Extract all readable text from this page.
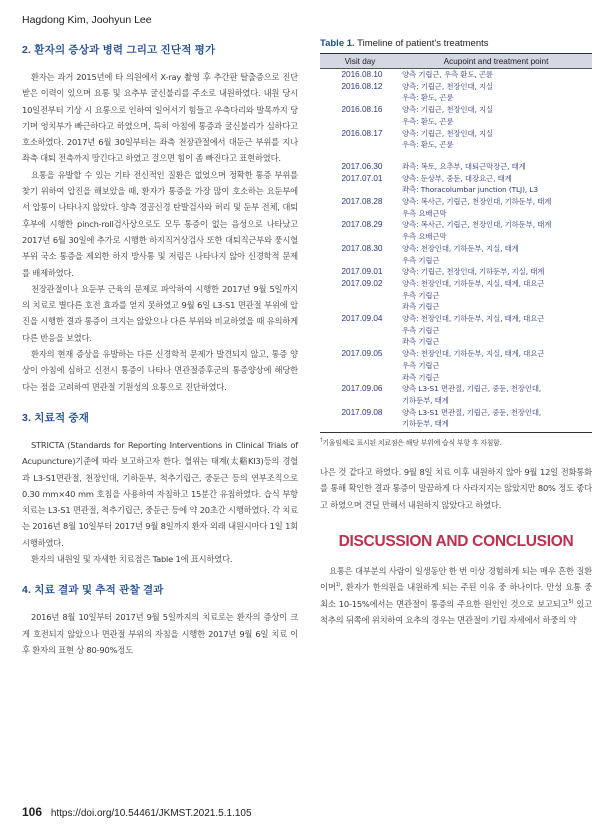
Hagdong Kim, Joohyun Lee
2. 환자의 증상과 병력 그리고 진단적 평가

환자는 과거 2015년에 타 의원에서 X-ray 촬영 후 추간판 탈출증으로 진단받은 이력이 있으며 요통 및 요추부 굴신불리를 주소로 내원하였다. 내원 당시 10일전부터 기상 시 요통으로 인하여 일어서기 힘들고 우측다리와 발목까지 당기며 엉치부가 빠근하다고 하였으며, 특히 아침에 통증과 굴신불리가 심하다고 호소하였다. 2017년 6월 30일부터는 좌측 천장관절에서 대둔근 부위를 지나 좌측 대퇴 전측까지 땅긴다고 하였고 걸으면 힘이 좀 빠진다고 표현하였다.

요통을 유발할 수 있는 기타 전신적인 질환은 없었으며 정확한 통증 부위를 찾기 위하여 압진을 해보았을 때, 환자가 통증을 가장 많이 호소하는 요둔부에서 압통이 나타나지 않았다. 양측 경골신경 탄발검사와 허리 및 둔부 전체, 대퇴 후부에 시행한 pinch-roll검사상으로도 모두 통증이 없는 음성으로 나타났고 2017년 6월 30일에 추가로 시행한 하지직거상검사 또한 대퇴직근부와 풍시혈 부위 국소 통증을 제외한 하지 방사통 및 저림은 나타나지 않아 신경학적 문제를 배제하였다.

천장관절이나 요둔부 근육의 문제로 파악하여 시행한 2017년 9월 5일까지의 치료로 별다른 호전 효과를 얻지 못하였고 9월 6일 L3-S1 면관절 부위에 압진을 시행한 결과 통증이 크지는 않았으나 다른 부위와 비교하였을 때 유의하게 다른 반응을 보였다.

환자의 현재 증상을 유발하는 다른 신경학적 문제가 발견되지 않고, 통증 양상이 아침에 심하고 신전시 통증이 나타나 면관절증후군의 통증양상에 해당한다는 점을 고려하여 면관절 기원성의 요통으로 진단하였다.

3. 치료적 중재

STRICTA (Standards for Reporting Interventions in Clinical Trials of Acupuncture)기준에 따라 보고하고자 한다. 혈위는 태계(太谿KI3)등의 경혈과 L3-S1면관절, 천장인대, 기하둔부, 척추기립근, 중둔근 등의 연부조직으로 0.30 mm×40 mm 호침을 사용하여 자침하고 15분간 유침하였다. 습식 부항 치료는 L3-S1 면관절, 척추기립근, 중둔근 등에 약 20초간 시행하였다. 각 치료는 2016년 8월 10일부터 2017년 9월 8일까지 환자 외래 내원시마다 1일 1회 시행하였다.

환자의 내원일 및 자세한 치료점은 Table 1에 표시하였다.

4. 치료 결과 및 추적 관찰 결과

2016년 8월 10일부터 2017년 9월 5일까지의 치료로는 환자의 증상이 크게 호전되지 않았으나 면관절 부위의 자침을 시행한 2017년 9월 6일 치료 이후 환자의 표현 상 80-90%정도

Table 1. Timeline of patient's treatments
Visit day	Acupoint and treatment point
2016.08.10	양측 기립근, 우측 환도, 곤륜

2016.08.12	양측: 기립근, 천장인대, 지실
우측: 환도, 곤륜

2016.08.16	양측: 기립근, 천장인대, 지실
우측: 환도, 곤륜

2016.08.17	양측: 기립근, 천장인대, 지실
우측: 환도, 곤륜

2017.06.30	좌측: 복토, 요추부, 대퇴근막장근, 태계

2017.07.01	양측: 둔상부, 중둔, 대장요근, 태계
좌측: Thoracolumbar junction (TLJ), L3

2017.08.28	양측: 복사근, 기립근, 천장인대, 기하둔부, 태계
우측 요배근막

2017.08.29	양측: 복사근, 기립근, 천장인대, 기하둔부, 태계
우측 요배근막

2017.08.30	양측: 천장인대, 기하둔부, 지실, 태계
우측 기립근

2017.09.01	양측: 기립근, 천장인대, 기하둔부, 지실, 태계

2017.09.02	양측: 천장인대, 기하둔부, 지실, 태계, 대요근
우측 기립근
좌측 기립근

2017.09.04	양측: 천장인대, 기하둔부, 지실, 태계, 대요근
우측 기립근
좌측 기립근

2017.09.05	양측: 천장인대, 기하둔부, 지실, 태계, 대요근
우측 기립근
좌측 기립근

2017.09.06	양측 L3-S1 면관절, 기립근, 중둔, 천장인대,
기하둔부, 태계

2017.09.08	양측 L3-S1 면관절, 기립근, 중둔, 천장인대,
기하둔부, 태계
†기울임체로 표시된 치료점은 해당 부위에 습식 부항 후 자침함.

나은 것 같다고 하였다. 9월 8일 치료 이후 내원하지 않아 9월 12일 전화통화를 통해 확인한 결과 통증이 말끔하게 다 사라지지는 않았지만 80% 정도 좋다고 하였으며 견딜 만해서 내원하지 않았다고 하였다.

DISCUSSION AND CONCLUSION

요통은 대부분의 사람이 일생동안 한 번 이상 경험하게 되는 매우 흔한 질환이며$^{1)}$, 환자가 한의원을 내원하게 되는 주된 이유 중 하나이다. 만성 요통 중 최소 10-15%에서는 면관절이 통증의 주요한 원인인 것으로 보고되고$^{5)}$ 있고 척추의 뒤쪽에 위치하여 요추의 경우는 면관절이 기립 자세에서 하중의 약

106 https://doi.org/10.54461/JKMST.2021.5.1.105
